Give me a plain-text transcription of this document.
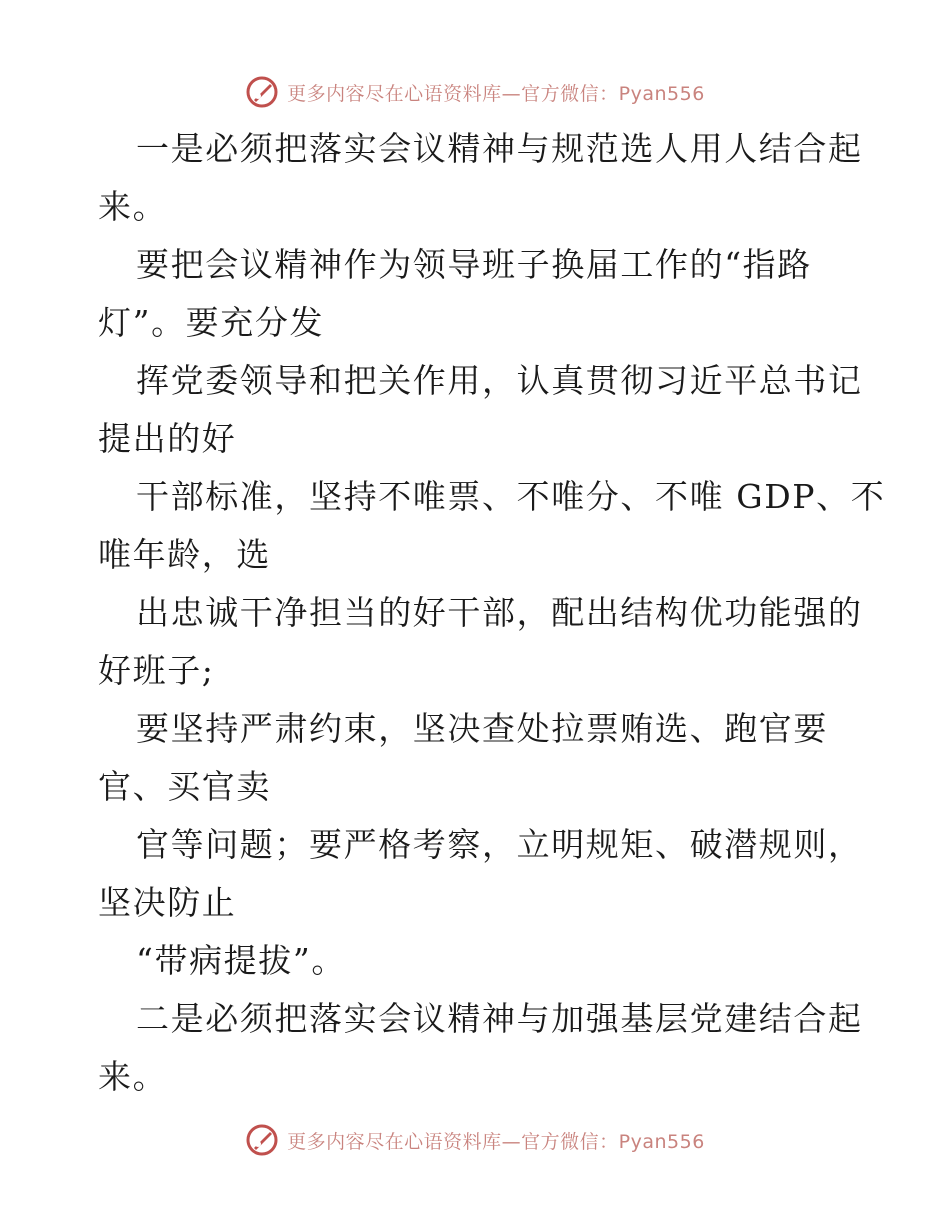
更多内容尽在心语资料库—官方微信：Pyan556
一是必须把落实会议精神与规范选人用人结合起
来。
要把会议精神作为领导班子换届工作的“指路
灯”。要充分发
挥党委领导和把关作用，认真贯彻习近平总书记
提出的好
干部标准，坚持不唯票、不唯分、不唯 GDP、不
唯年龄，选
出忠诚干净担当的好干部，配出结构优功能强的
好班子;
要坚持严肃约束，坚决查处拉票贿选、跑官要
官、买官卖
官等问题；要严格考察，立明规矩、破潜规则，
坚决防止
“带病提拔”。
二是必须把落实会议精神与加强基层党建结合起
来。
更多内容尽在心语资料库—官方微信：Pyan556
